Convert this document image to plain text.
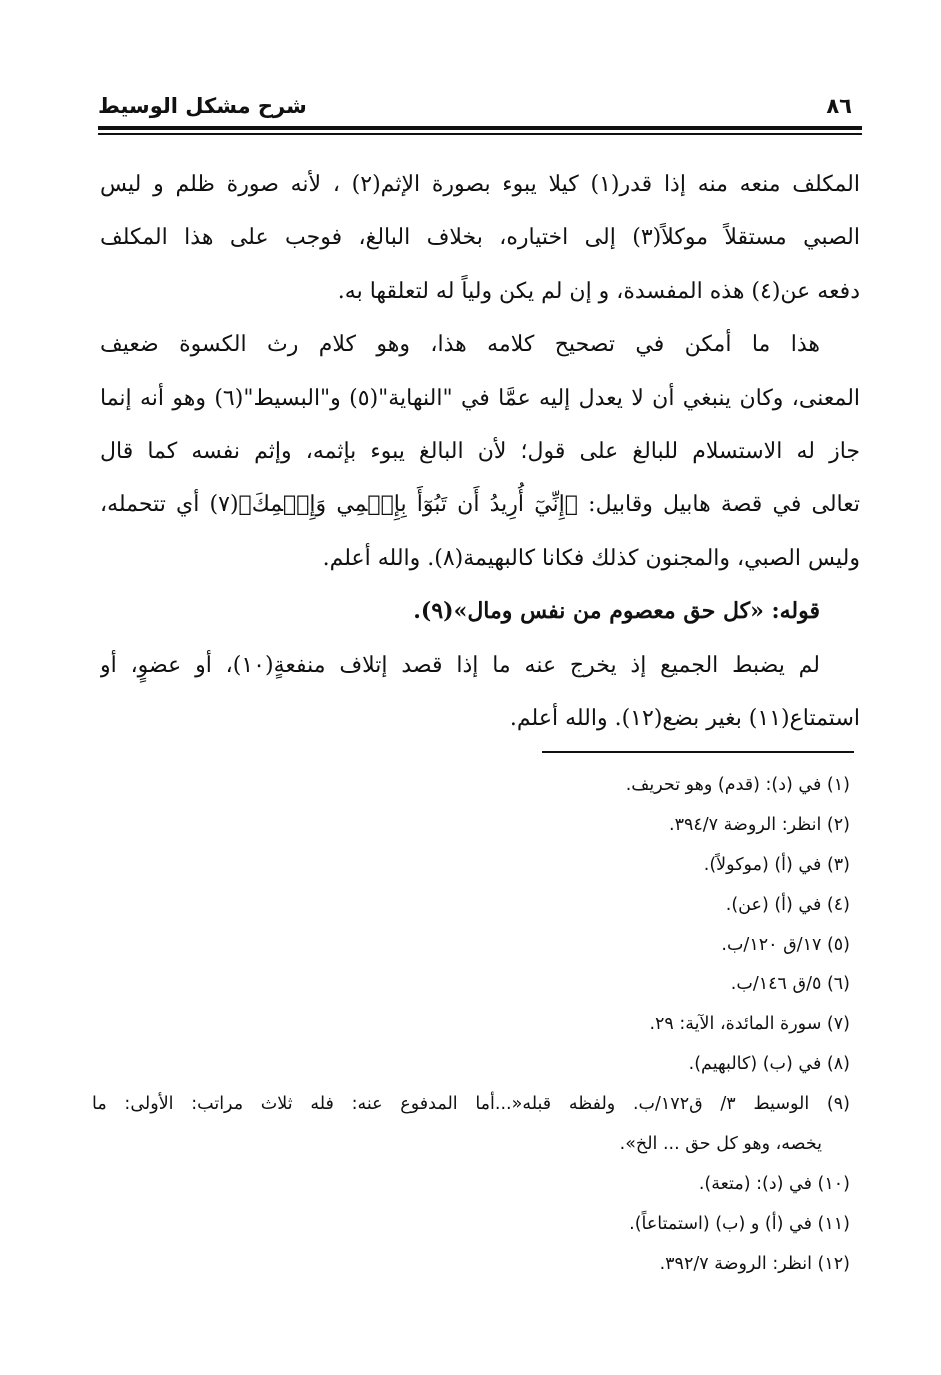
شرح مشكل الوسيط	٨٦
المكلف منعه منه إذا قدر(١) كيلا يبوء بصورة الإثم(٢) ، لأنه صورة ظلم و ليس
الصبي مستقلاً موكلاً(٣) إلى اختياره، بخلاف البالغ، فوجب على هذا المكلف
دفعه عن(٤) هذه المفسدة، و إن لم يكن ولياً له لتعلقها به.
هذا ما أمكن في تصحيح كلامه هذا، وهو كلام رث الكسوة ضعيف
المعنى، وكان ينبغي أن لا يعدل إليه عمَّا في "النهاية"(٥) و"البسيط"(٦) وهو أنه إنما
جاز له الاستسلام للبالغ على قول؛ لأن البالغ يبوء بإثمه، وإثم نفسه كما قال
تعالى في قصة هابيل وقابيل: ﴿إِنِّيٓ أُرِيدُ أَن تَبُوٓأَ بِإِثۡمِي وَإِثۡمِكَ﴾(٧) أي تتحمله،
وليس الصبي، والمجنون كذلك فكانا كالبهيمة(٨). والله أعلم.
قوله: «كل حق معصوم من نفس ومال»(٩).
لم يضبط الجميع إذ يخرج عنه ما إذا قصد إتلاف منفعةٍ(١٠)، أو عضوٍ، أو
استمتاع(١١) بغير بضع(١٢). والله أعلم.
(١) في (د): (قدم) وهو تحريف.
(٢) انظر: الروضة ٣٩٤/٧.
(٣) في (أ) (موكولاً).
(٤) في (أ) (عن).
(٥) ١٧/ق ١٢٠/ب.
(٦) ٥/ق ١٤٦/ب.
(٧) سورة المائدة، الآية: ٢٩.
(٨) في (ب) (كالبهيم).
(٩) الوسيط ٣/ ق١٧٢/ب. ولفظه قبله«...أما المدفوع عنه: فله ثلاث مراتب: الأولى: ما
يخصه، وهو كل حق ... الخ».
(١٠) في (د): (متعة).
(١١) في (أ) و (ب) (استمتاعاً).
(١٢) انظر: الروضة ٣٩٢/٧.
